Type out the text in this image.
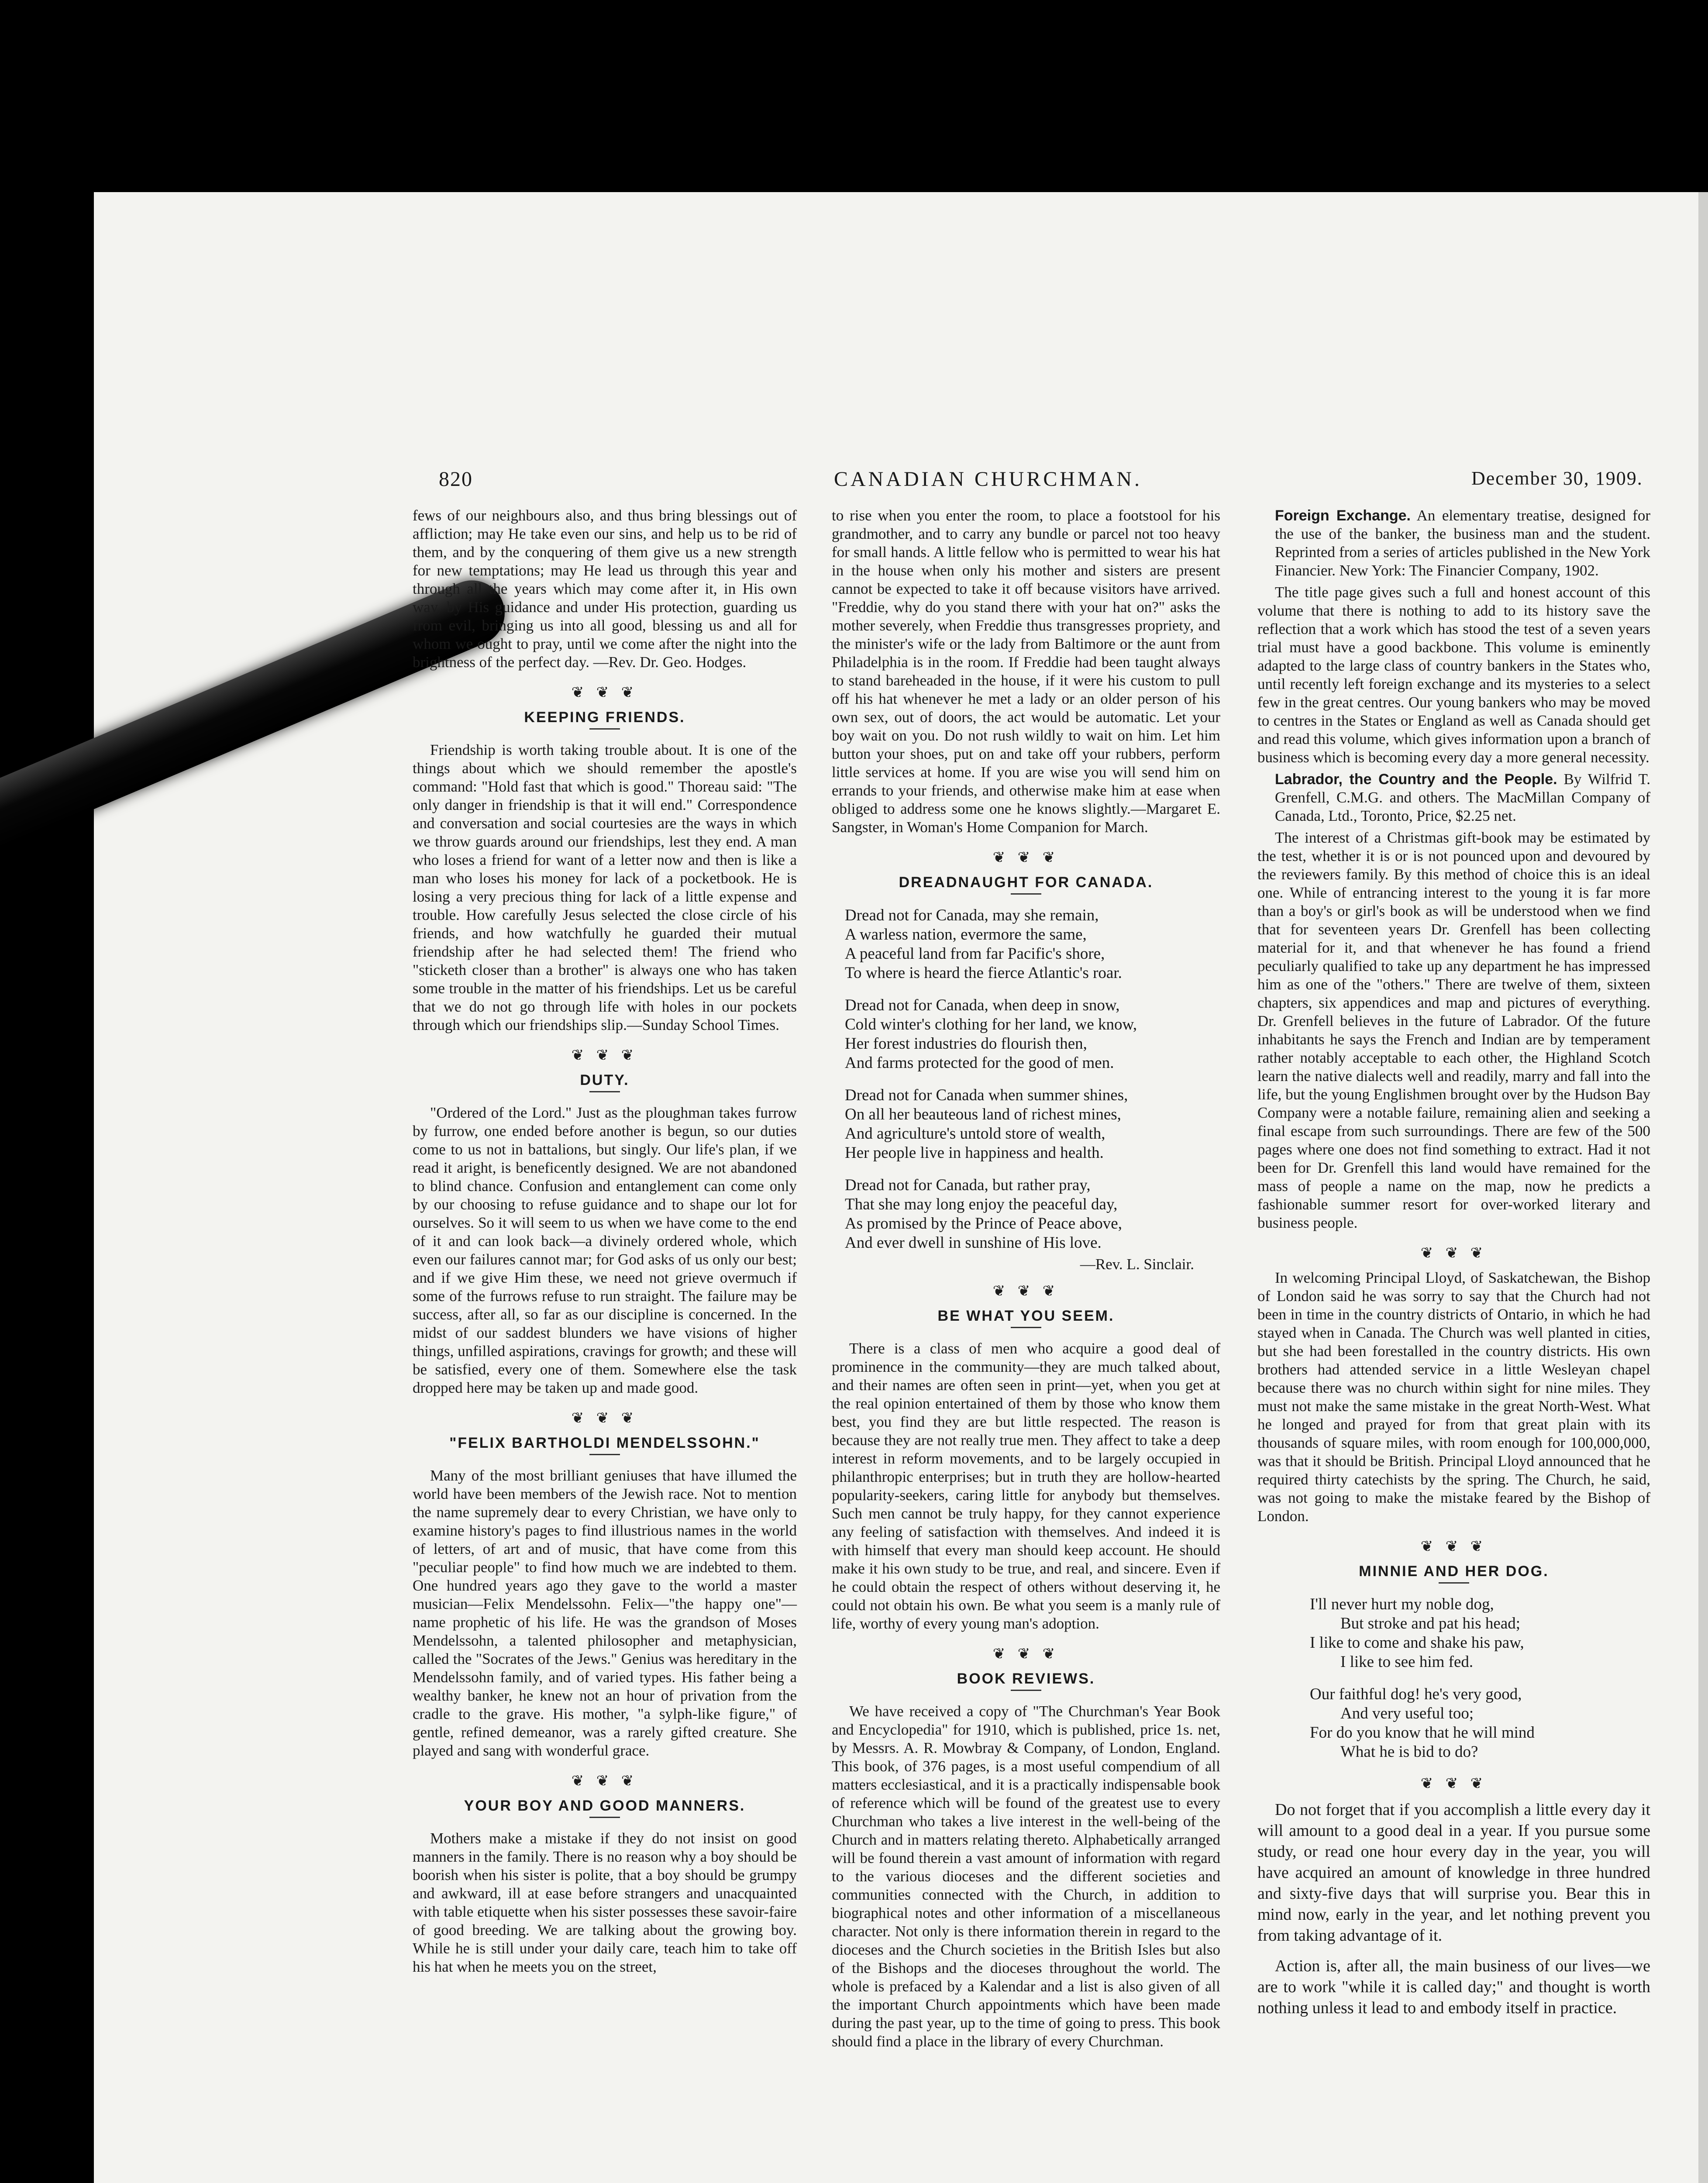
820	CANADIAN CHURCHMAN.	December 30, 1909.

fews of our neighbours also, and thus bring blessings out of affliction; may He take even our sins, and help us to be rid of them, and by the conquering of them give us a new strength for new temptations; may He lead us through this year and through all the years which may come after it, in His own way, by His guidance and under His protection, guarding us from evil, bringing us into all good, blessing us and all for whom we ought to pray, until we come after the night into the brightness of the perfect day. —Rev. Dr. Geo. Hodges.

❦ ❦ ❦
KEEPING FRIENDS.

Friendship is worth taking trouble about. It is one of the things about which we should remember the apostle's command: "Hold fast that which is good." Thoreau said: "The only danger in friendship is that it will end." Correspondence and conversation and social courtesies are the ways in which we throw guards around our friendships, lest they end. A man who loses a friend for want of a letter now and then is like a man who loses his money for lack of a pocketbook. He is losing a very precious thing for lack of a little expense and trouble. How carefully Jesus selected the close circle of his friends, and how watchfully he guarded their mutual friendship after he had selected them! The friend who "sticketh closer than a brother" is always one who has taken some trouble in the matter of his friendships. Let us be careful that we do not go through life with holes in our pockets through which our friendships slip.—Sunday School Times.

❦ ❦ ❦
DUTY.

"Ordered of the Lord." Just as the ploughman takes furrow by furrow, one ended before another is begun, so our duties come to us not in battalions, but singly. Our life's plan, if we read it aright, is beneficently designed. We are not abandoned to blind chance. Confusion and entanglement can come only by our choosing to refuse guidance and to shape our lot for ourselves. So it will seem to us when we have come to the end of it and can look back—a divinely ordered whole, which even our failures cannot mar; for God asks of us only our best; and if we give Him these, we need not grieve overmuch if some of the furrows refuse to run straight. The failure may be success, after all, so far as our discipline is concerned. In the midst of our saddest blunders we have visions of higher things, unfilled aspirations, cravings for growth; and these will be satisfied, every one of them. Somewhere else the task dropped here may be taken up and made good.

❦ ❦ ❦
"FELIX BARTHOLDI MENDELSSOHN."

Many of the most brilliant geniuses that have illumed the world have been members of the Jewish race. Not to mention the name supremely dear to every Christian, we have only to examine history's pages to find illustrious names in the world of letters, of art and of music, that have come from this "peculiar people" to find how much we are indebted to them. One hundred years ago they gave to the world a master musician—Felix Mendelssohn. Felix—"the happy one"—name prophetic of his life. He was the grandson of Moses Mendelssohn, a talented philosopher and metaphysician, called the "Socrates of the Jews." Genius was hereditary in the Mendelssohn family, and of varied types. His father being a wealthy banker, he knew not an hour of privation from the cradle to the grave. His mother, "a sylph-like figure," of gentle, refined demeanor, was a rarely gifted creature. She played and sang with wonderful grace.

❦ ❦ ❦
YOUR BOY AND GOOD MANNERS.

Mothers make a mistake if they do not insist on good manners in the family. There is no reason why a boy should be boorish when his sister is polite, that a boy should be grumpy and awkward, ill at ease before strangers and unacquainted with table etiquette when his sister possesses these savoir-faire of good breeding. We are talking about the growing boy. While he is still under your daily care, teach him to take off his hat when he meets you on the street,

to rise when you enter the room, to place a footstool for his grandmother, and to carry any bundle or parcel not too heavy for small hands. A little fellow who is permitted to wear his hat in the house when only his mother and sisters are present cannot be expected to take it off because visitors have arrived. "Freddie, why do you stand there with your hat on?" asks the mother severely, when Freddie thus transgresses propriety, and the minister's wife or the lady from Baltimore or the aunt from Philadelphia is in the room. If Freddie had been taught always to stand bareheaded in the house, if it were his custom to pull off his hat whenever he met a lady or an older person of his own sex, out of doors, the act would be automatic. Let your boy wait on you. Do not rush wildly to wait on him. Let him button your shoes, put on and take off your rubbers, perform little services at home. If you are wise you will send him on errands to your friends, and otherwise make him at ease when obliged to address some one he knows slightly.—Margaret E. Sangster, in Woman's Home Companion for March.

❦ ❦ ❦
DREADNAUGHT FOR CANADA.
Dread not for Canada, may she remain,
A warless nation, evermore the same,
A peaceful land from far Pacific's shore,
To where is heard the fierce Atlantic's roar.
Dread not for Canada, when deep in snow,
Cold winter's clothing for her land, we know,
Her forest industries do flourish then,
And farms protected for the good of men.
Dread not for Canada when summer shines,
On all her beauteous land of richest mines,
And agriculture's untold store of wealth,
Her people live in happiness and health.
Dread not for Canada, but rather pray,
That she may long enjoy the peaceful day,
As promised by the Prince of Peace above,
And ever dwell in sunshine of His love.
—Rev. L. Sinclair.
❦ ❦ ❦
BE WHAT YOU SEEM.

There is a class of men who acquire a good deal of prominence in the community—they are much talked about, and their names are often seen in print—yet, when you get at the real opinion entertained of them by those who know them best, you find they are but little respected. The reason is because they are not really true men. They affect to take a deep interest in reform movements, and to be largely occupied in philanthropic enterprises; but in truth they are hollow-hearted popularity-seekers, caring little for anybody but themselves. Such men cannot be truly happy, for they cannot experience any feeling of satisfaction with themselves. And indeed it is with himself that every man should keep account. He should make it his own study to be true, and real, and sincere. Even if he could obtain the respect of others without deserving it, he could not obtain his own. Be what you seem is a manly rule of life, worthy of every young man's adoption.

❦ ❦ ❦
BOOK REVIEWS.

We have received a copy of "The Churchman's Year Book and Encyclopedia" for 1910, which is published, price 1s. net, by Messrs. A. R. Mowbray & Company, of London, England. This book, of 376 pages, is a most useful compendium of all matters ecclesiastical, and it is a practically indispensable book of reference which will be found of the greatest use to every Churchman who takes a live interest in the well-being of the Church and in matters relating thereto. Alphabetically arranged will be found therein a vast amount of information with regard to the various dioceses and the different societies and communities connected with the Church, in addition to biographical notes and other information of a miscellaneous character. Not only is there information therein in regard to the dioceses and the Church societies in the British Isles but also of the Bishops and the dioceses throughout the world. The whole is prefaced by a Kalendar and a list is also given of all the important Church appointments which have been made during the past year, up to the time of going to press. This book should find a place in the library of every Churchman.

Foreign Exchange. An elementary treatise, designed for the use of the banker, the business man and the student. Reprinted from a series of articles published in the New York Financier. New York: The Financier Company, 1902.

The title page gives such a full and honest account of this volume that there is nothing to add to its history save the reflection that a work which has stood the test of a seven years trial must have a good backbone. This volume is eminently adapted to the large class of country bankers in the States who, until recently left foreign exchange and its mysteries to a select few in the great centres. Our young bankers who may be moved to centres in the States or England as well as Canada should get and read this volume, which gives information upon a branch of business which is becoming every day a more general necessity.

Labrador, the Country and the People. By Wilfrid T. Grenfell, C.M.G. and others. The MacMillan Company of Canada, Ltd., Toronto, Price, $2.25 net.

The interest of a Christmas gift-book may be estimated by the test, whether it is or is not pounced upon and devoured by the reviewers family. By this method of choice this is an ideal one. While of entrancing interest to the young it is far more than a boy's or girl's book as will be understood when we find that for seventeen years Dr. Grenfell has been collecting material for it, and that whenever he has found a friend peculiarly qualified to take up any department he has impressed him as one of the "others." There are twelve of them, sixteen chapters, six appendices and map and pictures of everything. Dr. Grenfell believes in the future of Labrador. Of the future inhabitants he says the French and Indian are by temperament rather notably acceptable to each other, the Highland Scotch learn the native dialects well and readily, marry and fall into the life, but the young Englishmen brought over by the Hudson Bay Company were a notable failure, remaining alien and seeking a final escape from such surroundings. There are few of the 500 pages where one does not find something to extract. Had it not been for Dr. Grenfell this land would have remained for the mass of people a name on the map, now he predicts a fashionable summer resort for over-worked literary and business people.

❦ ❦ ❦

In welcoming Principal Lloyd, of Saskatchewan, the Bishop of London said he was sorry to say that the Church had not been in time in the country districts of Ontario, in which he had stayed when in Canada. The Church was well planted in cities, but she had been forestalled in the country districts. His own brothers had attended service in a little Wesleyan chapel because there was no church within sight for nine miles. They must not make the same mistake in the great North-West. What he longed and prayed for from that great plain with its thousands of square miles, with room enough for 100,000,000, was that it should be British. Principal Lloyd announced that he required thirty catechists by the spring. The Church, he said, was not going to make the mistake feared by the Bishop of London.

❦ ❦ ❦
MINNIE AND HER DOG.
I'll never hurt my noble dog,
But stroke and pat his head;
I like to come and shake his paw,
I like to see him fed.
Our faithful dog! he's very good,
And very useful too;
For do you know that he will mind
What he is bid to do?
❦ ❦ ❦

Do not forget that if you accomplish a little every day it will amount to a good deal in a year. If you pursue some study, or read one hour every day in the year, you will have acquired an amount of knowledge in three hundred and sixty-five days that will surprise you. Bear this in mind now, early in the year, and let nothing prevent you from taking advantage of it.

Action is, after all, the main business of our lives—we are to work "while it is called day;" and thought is worth nothing unless it lead to and embody itself in practice.
